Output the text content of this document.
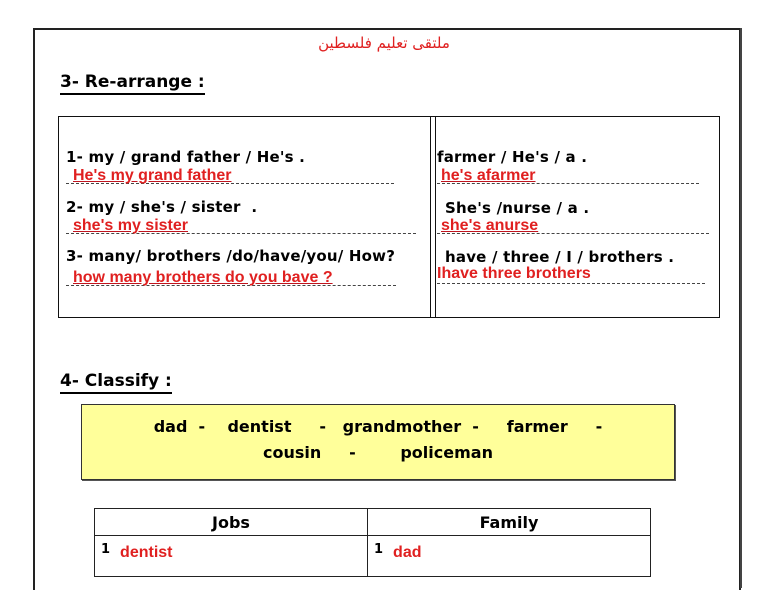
ملتقى تعليم فلسطين
3- Re-arrange :
1- my / grand father / He's .
He's my grand father
2- my / she's / sister  .
she's my sister
3- many/ brothers /do/have/you/ How?
how many brothers do you bave ?
farmer / He's / a .
he's afarmer
She's /nurse / a .
she's anurse
have / three / I / brothers .
Ihave three brothers
4- Classify :
dad  -    dentist     -   grandmother  -     farmer     -
cousin     -        policeman
Jobs	Family
$^1$ dentist	$^1$ dad
